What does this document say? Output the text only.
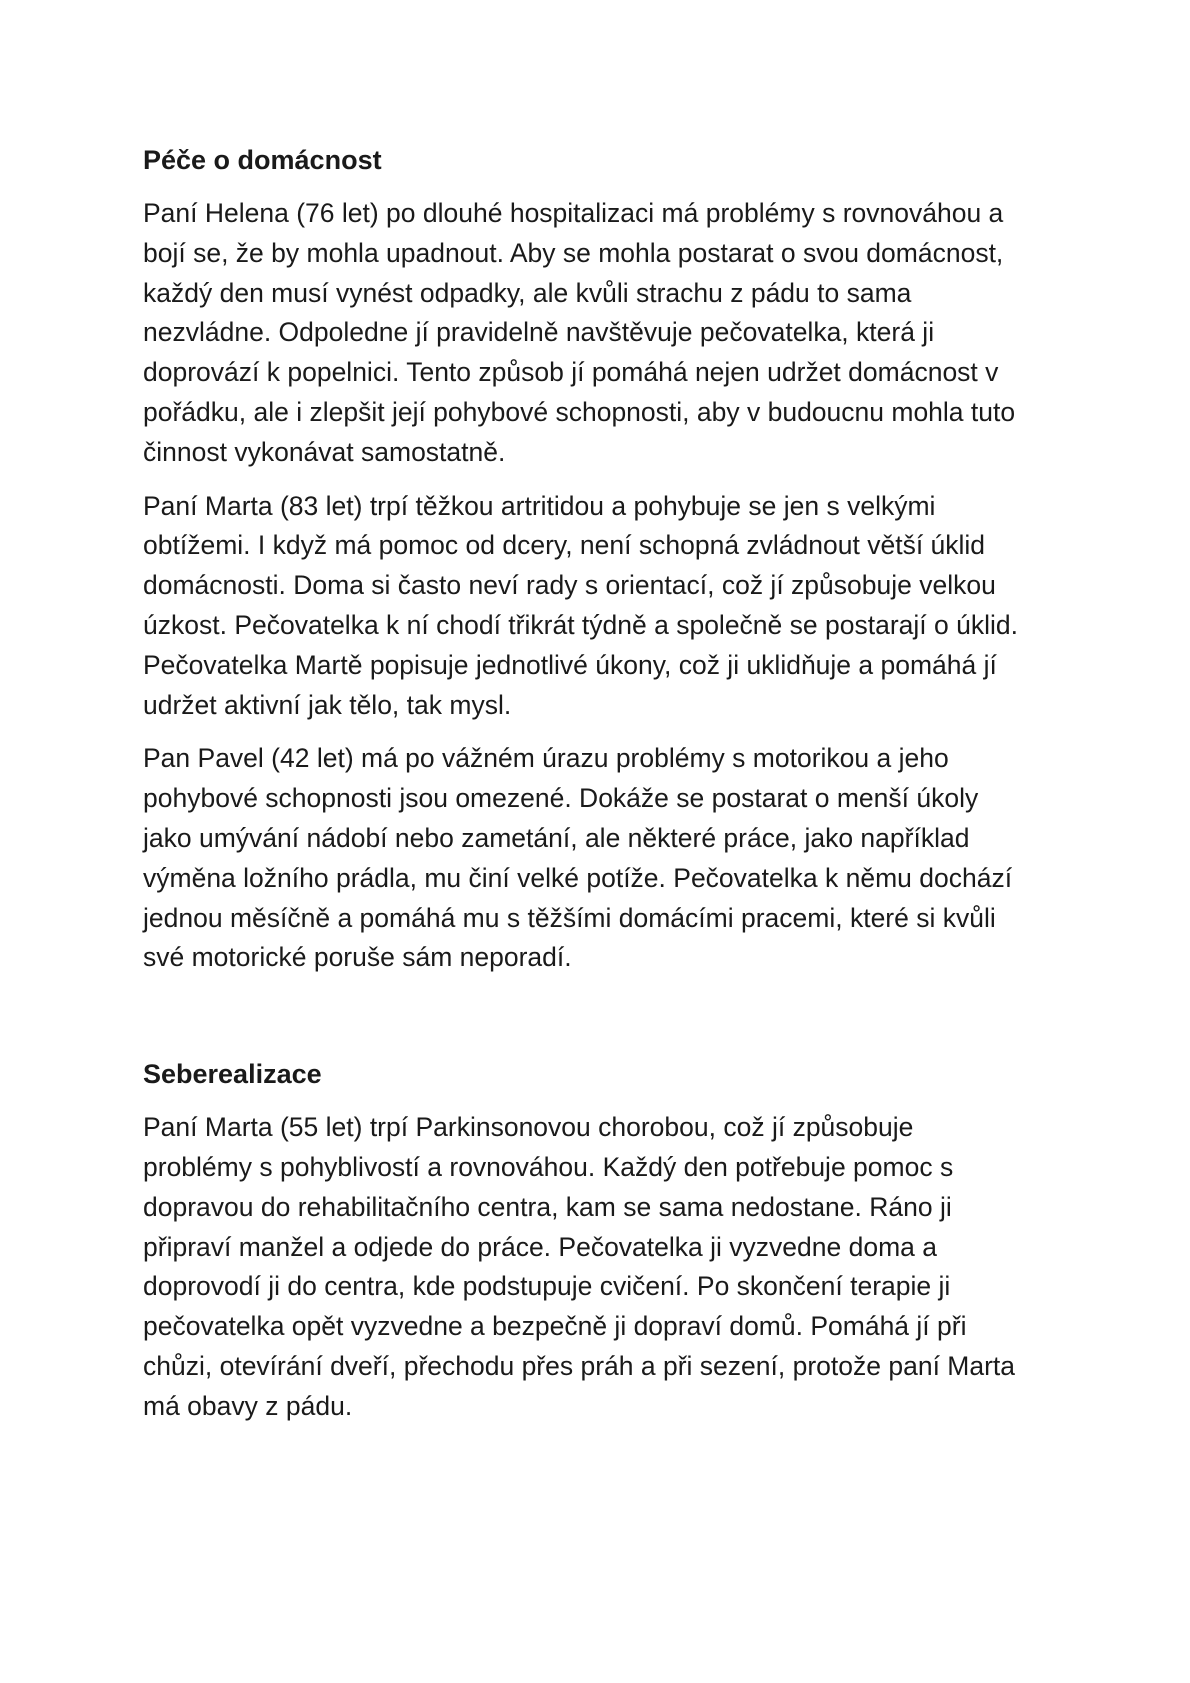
Péče o domácnost
Paní Helena (76 let) po dlouhé hospitalizaci má problémy s rovnováhou a
bojí se, že by mohla upadnout. Aby se mohla postarat o svou domácnost,
každý den musí vynést odpadky, ale kvůli strachu z pádu to sama
nezvládne. Odpoledne jí pravidelně navštěvuje pečovatelka, která ji
doprovází k popelnici. Tento způsob jí pomáhá nejen udržet domácnost v
pořádku, ale i zlepšit její pohybové schopnosti, aby v budoucnu mohla tuto
činnost vykonávat samostatně.
Paní Marta (83 let) trpí těžkou artritidou a pohybuje se jen s velkými
obtížemi. I když má pomoc od dcery, není schopná zvládnout větší úklid
domácnosti. Doma si často neví rady s orientací, což jí způsobuje velkou
úzkost. Pečovatelka k ní chodí třikrát týdně a společně se postarají o úklid.
Pečovatelka Martě popisuje jednotlivé úkony, což ji uklidňuje a pomáhá jí
udržet aktivní jak tělo, tak mysl.
Pan Pavel (42 let) má po vážném úrazu problémy s motorikou a jeho
pohybové schopnosti jsou omezené. Dokáže se postarat o menší úkoly
jako umývání nádobí nebo zametání, ale některé práce, jako například
výměna ložního prádla, mu činí velké potíže. Pečovatelka k němu dochází
jednou měsíčně a pomáhá mu s těžšími domácími pracemi, které si kvůli
své motorické poruše sám neporadí.
Seberealizace
Paní Marta (55 let) trpí Parkinsonovou chorobou, což jí způsobuje
problémy s pohyblivostí a rovnováhou. Každý den potřebuje pomoc s
dopravou do rehabilitačního centra, kam se sama nedostane. Ráno ji
připraví manžel a odjede do práce. Pečovatelka ji vyzvedne doma a
doprovodí ji do centra, kde podstupuje cvičení. Po skončení terapie ji
pečovatelka opět vyzvedne a bezpečně ji dopraví domů. Pomáhá jí při
chůzi, otevírání dveří, přechodu přes práh a při sezení, protože paní Marta
má obavy z pádu.
